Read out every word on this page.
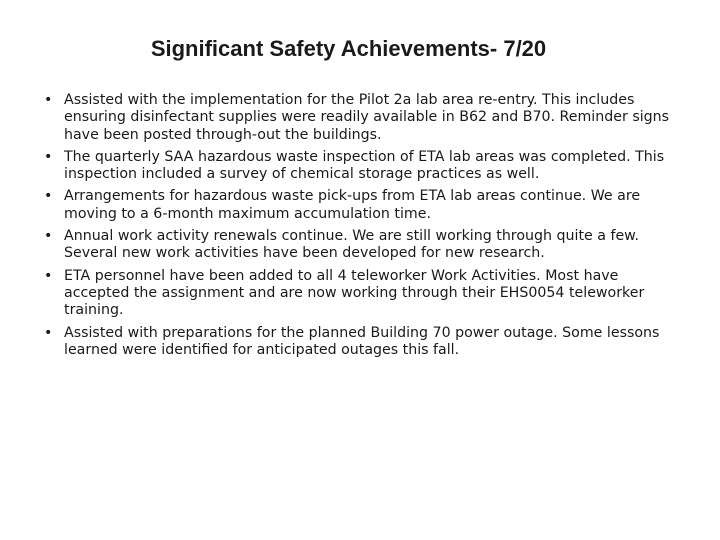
Significant Safety Achievements- 7/20
• Assisted with the implementation for the Pilot 2a lab area re-entry. This includes ensuring disinfectant supplies were readily available in B62 and B70. Reminder signs have been posted through-out the buildings.
• The quarterly SAA hazardous waste inspection of ETA lab areas was completed. This inspection included a survey of chemical storage practices as well.
• Arrangements for hazardous waste pick-ups from ETA lab areas continue. We are moving to a 6-month maximum accumulation time.
• Annual work activity renewals continue. We are still working through quite a few. Several new work activities have been developed for new research.
• ETA personnel have been added to all 4 teleworker Work Activities. Most have accepted the assignment and are now working through their EHS0054 teleworker training.
• Assisted with preparations for the planned Building 70 power outage. Some lessons learned were identified for anticipated outages this fall.
